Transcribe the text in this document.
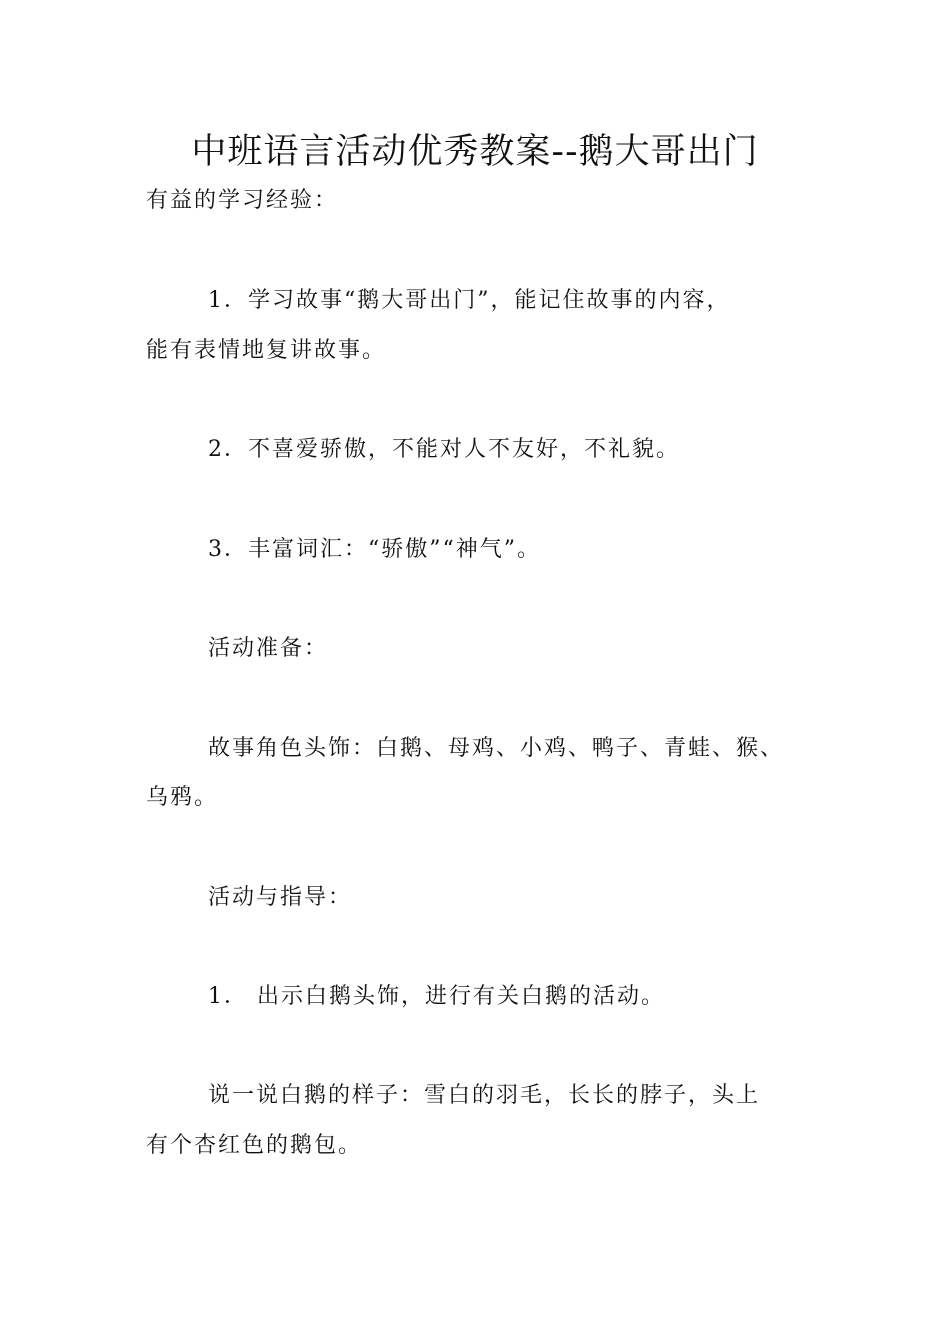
中班语言活动优秀教案--鹅大哥出门

有益的学习经验：

1．学习故事“鹅大哥出门”，能记住故事的内容，

能有表情地复讲故事。

2．不喜爱骄傲，不能对人不友好，不礼貌。

3．丰富词汇：“骄傲”“神气”。

活动准备：

故事角色头饰：白鹅、母鸡、小鸡、鸭子、青蛙、猴、

乌鸦。

活动与指导：

1． 出示白鹅头饰，进行有关白鹅的活动。

说一说白鹅的样子：雪白的羽毛，长长的脖子，头上

有个杏红色的鹅包。
